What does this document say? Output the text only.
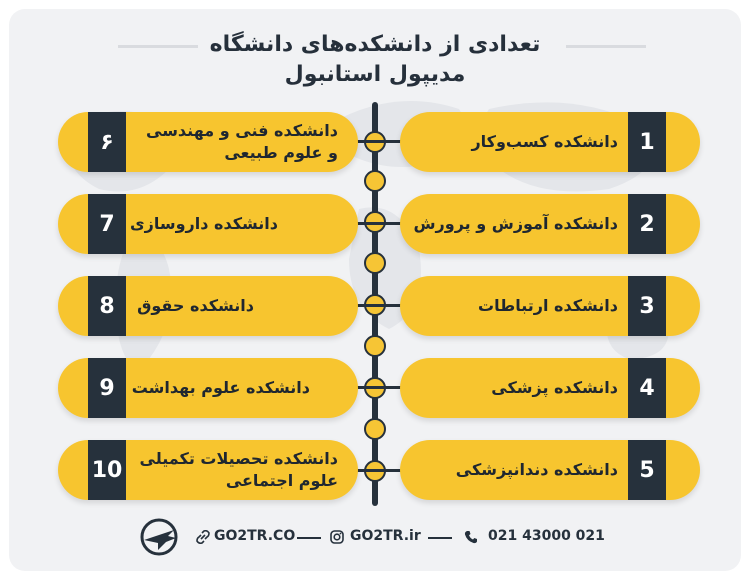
تعدادی از دانشکده‌های دانشگاه
مدیپول استانبول
1
دانشکده کسب‌وکار
2
دانشکده آموزش و پرورش
3
دانشکده ارتباطات
4
دانشکده پزشکی
5
دانشکده دندانپزشکی
۶	دانشکده فنی و مهندسی
و علوم طبیعی
7 دانشکده داروسازی
8	دانشکده حقوق
9	دانشکده علوم بهداشت
10 دانشکده تحصیلات تکمیلی
علوم اجتماعی
GO2TR.CO	GO2TR.ir	021 43000 021
